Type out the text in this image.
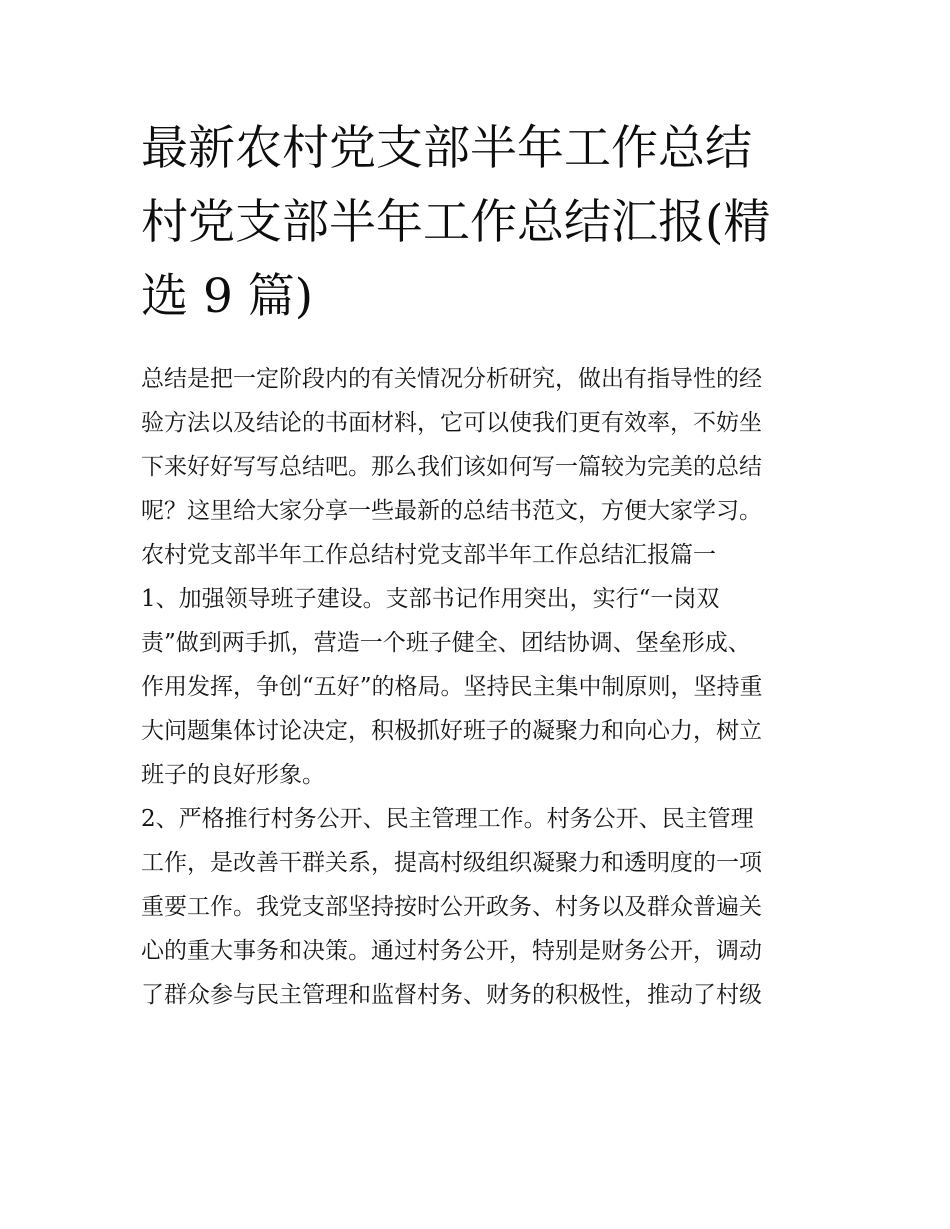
最新农村党支部半年工作总结
村党支部半年工作总结汇报(精
选 9 篇)
总结是把一定阶段内的有关情况分析研究，做出有指导性的经
验方法以及结论的书面材料，它可以使我们更有效率，不妨坐
下来好好写写总结吧。那么我们该如何写一篇较为完美的总结
呢？这里给大家分享一些最新的总结书范文，方便大家学习。
农村党支部半年工作总结村党支部半年工作总结汇报篇一
1、加强领导班子建设。支部书记作用突出，实行“一岗双
责”做到两手抓，营造一个班子健全、团结协调、堡垒形成、
作用发挥，争创“五好”的格局。坚持民主集中制原则，坚持重
大问题集体讨论决定，积极抓好班子的凝聚力和向心力，树立
班子的良好形象。
2、严格推行村务公开、民主管理工作。村务公开、民主管理
工作，是改善干群关系，提高村级组织凝聚力和透明度的一项
重要工作。我党支部坚持按时公开政务、村务以及群众普遍关
心的重大事务和决策。通过村务公开，特别是财务公开，调动
了群众参与民主管理和监督村务、财务的积极性，推动了村级
